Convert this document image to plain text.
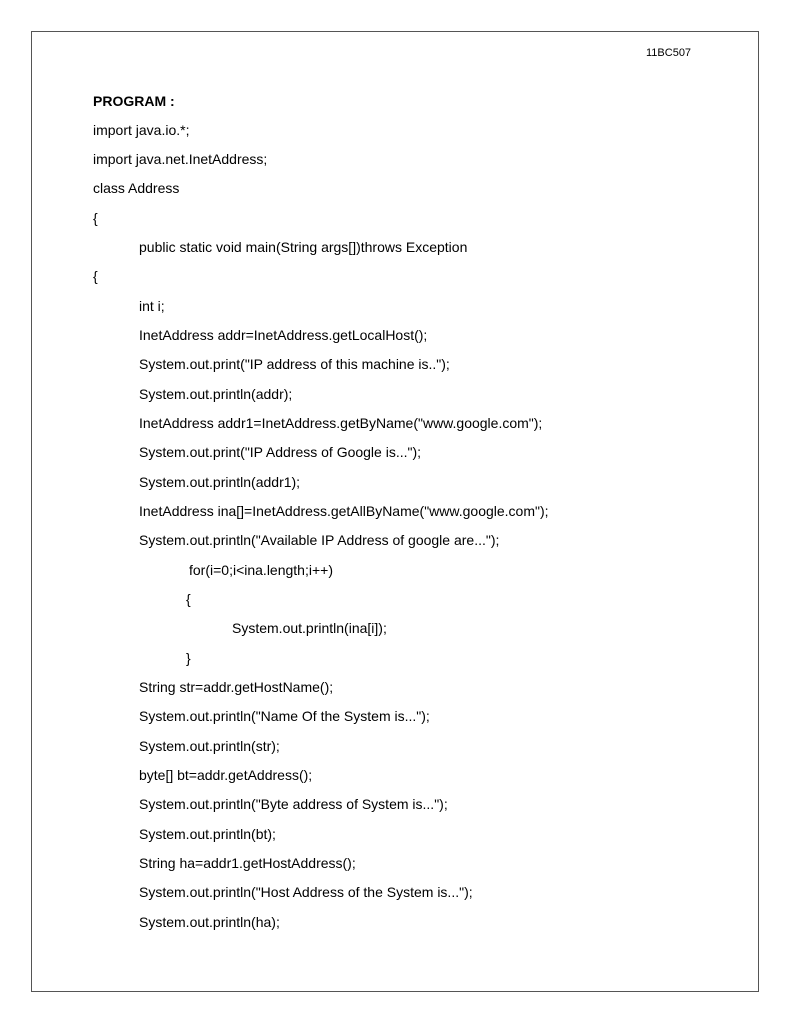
11BC507
PROGRAM :
import java.io.*;
import java.net.InetAddress;
class Address
{
public static void main(String args[])throws Exception
{
int i;
InetAddress addr=InetAddress.getLocalHost();
System.out.print("IP address of this machine is..");
System.out.println(addr);
InetAddress addr1=InetAddress.getByName("www.google.com");
System.out.print("IP Address of Google is...");
System.out.println(addr1);
InetAddress ina[]=InetAddress.getAllByName("www.google.com");
System.out.println("Available IP Address of google are...");
for(i=0;i<ina.length;i++)
{
System.out.println(ina[i]);
}
String str=addr.getHostName();
System.out.println("Name Of the System is...");
System.out.println(str);
byte[] bt=addr.getAddress();
System.out.println("Byte address of System is...");
System.out.println(bt);
String ha=addr1.getHostAddress();
System.out.println("Host Address of the System is...");
System.out.println(ha);
